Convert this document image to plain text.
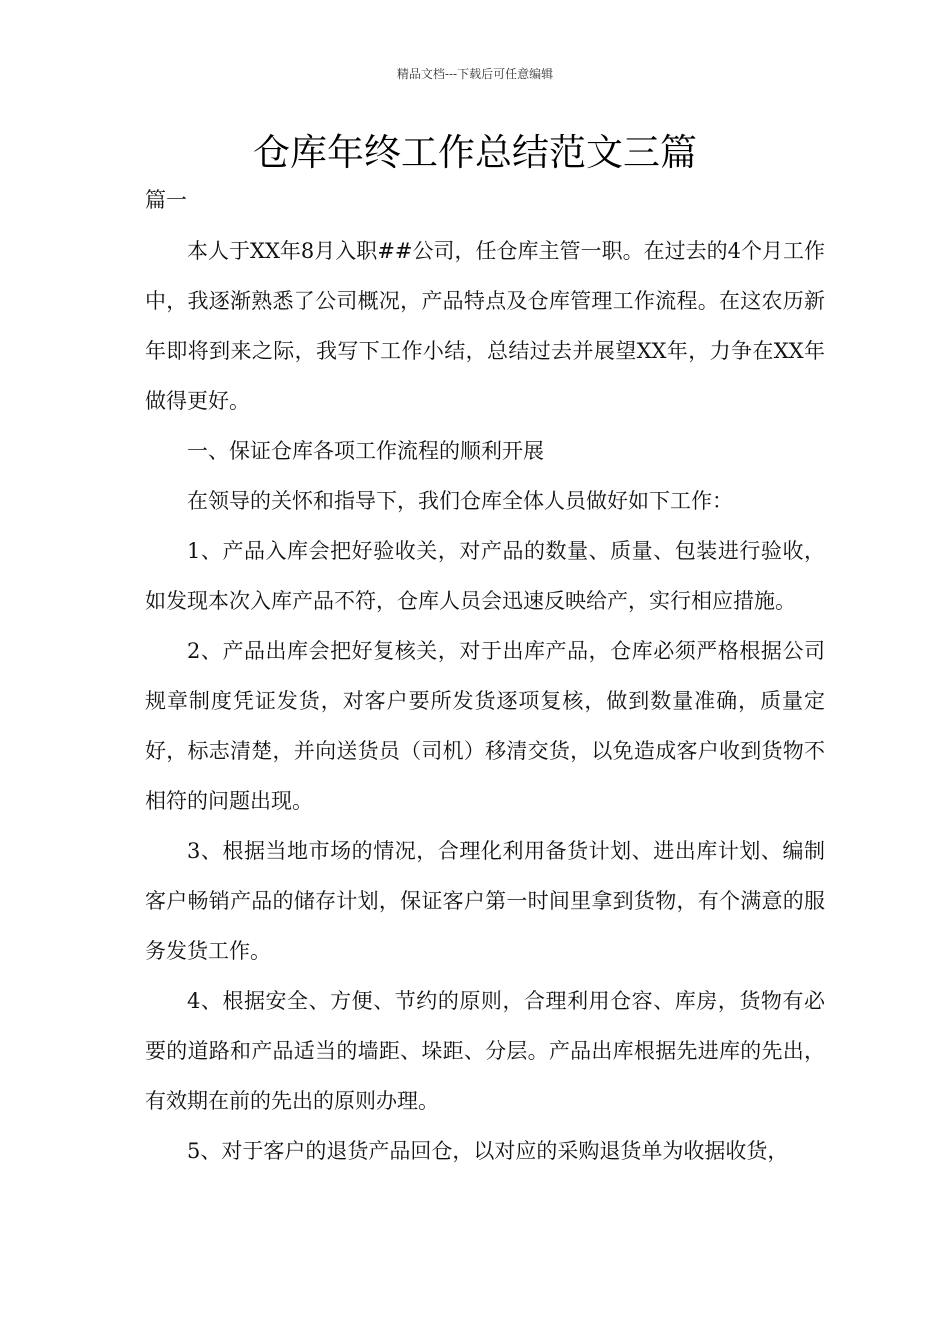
精品文档---下载后可任意编辑
仓库年终工作总结范文三篇
篇一

本人于XX年8月入职##公司，任仓库主管一职。在过去的4个月工作中，我逐渐熟悉了公司概况，产品特点及仓库管理工作流程。在这农历新年即将到来之际，我写下工作小结，总结过去并展望XX年，力争在XX年做得更好。

一、保证仓库各项工作流程的顺利开展

在领导的关怀和指导下，我们仓库全体人员做好如下工作：

1、产品入库会把好验收关，对产品的数量、质量、包装进行验收，如发现本次入库产品不符，仓库人员会迅速反映给产，实行相应措施。

2、产品出库会把好复核关，对于出库产品，仓库必须严格根据公司规章制度凭证发货，对客户要所发货逐项复核，做到数量准确，质量定好，标志清楚，并向送货员（司机）移清交货，以免造成客户收到货物不相符的问题出现。

3、根据当地市场的情况，合理化利用备货计划、进出库计划、编制客户畅销产品的储存计划，保证客户第一时间里拿到货物，有个满意的服务发货工作。

4、根据安全、方便、节约的原则，合理利用仓容、库房，货物有必要的道路和产品适当的墙距、垛距、分层。产品出库根据先进库的先出，有效期在前的先出的原则办理。

5、对于客户的退货产品回仓，以对应的采购退货单为收据收货，
